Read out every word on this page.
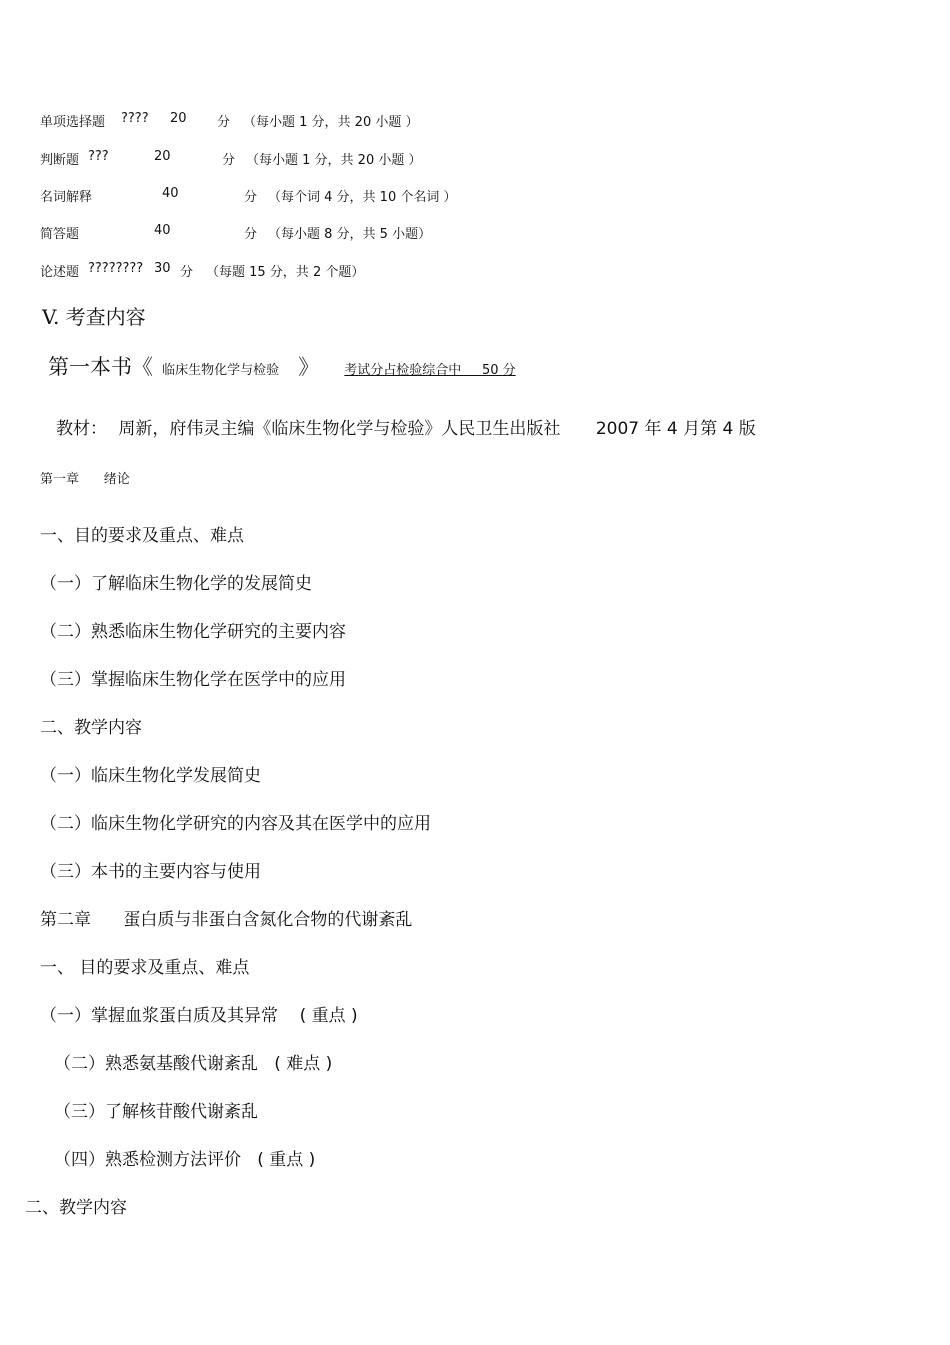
单项选择题 ???? 20 分 （每小题 1 分，共 20 小题 ）
判断题 ???	20	分 （每小题 1 分，共 20 小题 ）
名词解释	40	分 （每个词 4 分，共 10 个名词 ）
简答题	40	分 （每小题 8 分，共 5 小题）
论述题 ???????? 30 分 （每题 15 分，共 2 个题）
V. 考查内容
第一本书《 临床生物化学与检验 》 考试分占检验综合中     50 分
教材： 周新，府伟灵主编《临床生物化学与检验》人民卫生出版社 2007 年 4 月第 4 版
第一章      绪论
一、目的要求及重点、难点
（一）了解临床生物化学的发展简史
（二）熟悉临床生物化学研究的主要内容
（三）掌握临床生物化学在医学中的应用
二、教学内容
（一）临床生物化学发展简史
（二）临床生物化学研究的内容及其在医学中的应用
（三）本书的主要内容与使用
第二章      蛋白质与非蛋白含氮化合物的代谢紊乱
一、 目的要求及重点、难点
（一）掌握血浆蛋白质及其异常    ( 重点 )
（二）熟悉氨基酸代谢紊乱   ( 难点 )
（三）了解核苷酸代谢紊乱
（四）熟悉检测方法评价   ( 重点 )
二、教学内容
